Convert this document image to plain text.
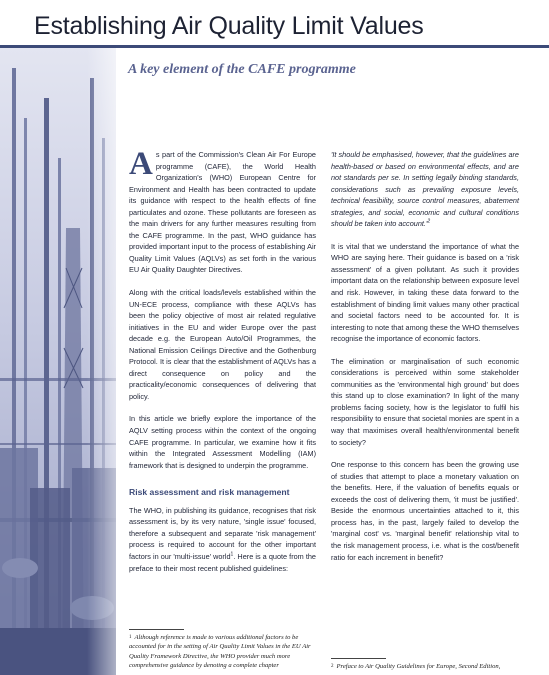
Establishing Air Quality Limit Values
A key element of the CAFE programme

As part of the Commission's Clean Air For Europe programme (CAFE), the World Health Organization's (WHO) European Centre for Environment and Health has been contracted to update its guidance with respect to the health effects of fine particulates and ozone. These pollutants are foreseen as the main drivers for any further measures resulting from the CAFE programme. In the past, WHO guidance has provided important input to the process of establishing Air Quality Limit Values (AQLVs) as set forth in the various EU Air Quality Daughter Directives.

Along with the critical loads/levels established within the UN-ECE process, compliance with these AQLVs has been the policy objective of most air related regulative initiatives in the EU and wider Europe over the past decade e.g. the European Auto/Oil Programmes, the National Emission Ceilings Directive and the Gothenburg Protocol. It is clear that the establishment of AQLVs has a direct consequence on policy and the practicality/economic consequences of delivering that policy.

In this article we briefly explore the importance of the AQLV setting process within the context of the ongoing CAFE programme. In particular, we examine how it fits within the Integrated Assessment Modelling (IAM) framework that is designed to underpin the programme.

Risk assessment and risk management

The WHO, in publishing its guidance, recognises that risk assessment is, by its very nature, 'single issue' focused, therefore a subsequent and separate 'risk management' process is required to account for the other important factors in our 'multi-issue' world$^1$. Here is a quote from the preface to their most recent published guidelines:

'It should be emphasised, however, that the guidelines are health-based or based on environmental effects, and are not standards per se. In setting legally binding standards, considerations such as prevailing exposure levels, technical feasibility, source control measures, abatement strategies, and social, economic and cultural conditions should be taken into $account.'^2$

It is vital that we understand the importance of what the WHO are saying here. Their guidance is based on a 'risk assessment' of a given pollutant. As such it provides important data on the relationship between exposure level and risk. However, in taking these data forward to the establishment of binding limit values many other practical and societal factors need to be accounted for. It is interesting to note that among these the WHO themselves recognise the importance of economic factors.

The elimination or marginalisation of such economic considerations is perceived within some stakeholder communities as the 'environmental high ground' but does this stand up to close examination? In light of the many problems facing society, how is the legislator to fulfil his responsibility to ensure that societal monies are spent in a way that maximises overall health/environmental benefit to society?

One response to this concern has been the growing use of studies that attempt to place a monetary valuation on the benefits. Here, if the valuation of benefits equals or exceeds the cost of delivering them, 'it must be justified'. Beside the enormous uncertainties attached to it, this process has, in the past, largely failed to develop the 'marginal cost' vs. 'marginal benefit' relationship vital to the risk management process, i.e. what is the cost/benefit ratio for each increment in benefit?

$^1$ Although reference is made to various additional factors to be accounted for in the setting of Air Quality Limit Values in the EU Air Quality Framework Directive, the WHO provider much more comprehensive guidance by denoting a complete chapter	$^2$ Preface to Air Quality Guidelines for Europe, Second Edition,
